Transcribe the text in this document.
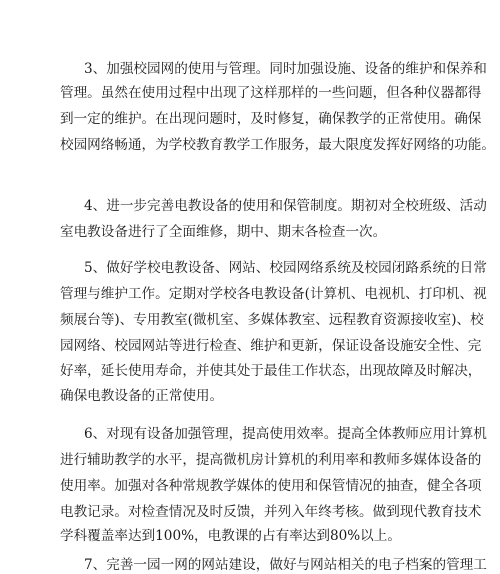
3、加强校园网的使用与管理。同时加强设施、设备的维护和保养和
管理。虽然在使用过程中出现了这样那样的一些问题，但各种仪器都得
到一定的维护。在出现问题时，及时修复，确保教学的正常使用。确保
校园网络畅通，为学校教育教学工作服务，最大限度发挥好网络的功能。
4、进一步完善电教设备的使用和保管制度。期初对全校班级、活动
室电教设备进行了全面维修，期中、期末各检查一次。
5、做好学校电教设备、网站、校园网络系统及校园闭路系统的日常
管理与维护工作。定期对学校各电教设备(计算机、电视机、打印机、视
频展台等)、专用教室(微机室、多媒体教室、远程教育资源接收室)、校
园网络、校园网站等进行检查、维护和更新，保证设备设施安全性、完
好率，延长使用寿命，并使其处于最佳工作状态，出现故障及时解决，
确保电教设备的正常使用。
6、对现有设备加强管理，提高使用效率。提高全体教师应用计算机
进行辅助教学的水平，提高微机房计算机的利用率和教师多媒体设备的
使用率。加强对各种常规教学媒体的使用和保管情况的抽查，健全各项
电教记录。对检查情况及时反馈，并列入年终考核。做到现代教育技术
学科覆盖率达到100%，电教课的占有率达到80%以上。
7、完善一园一网的网站建设，做好与网站相关的电子档案的管理工
